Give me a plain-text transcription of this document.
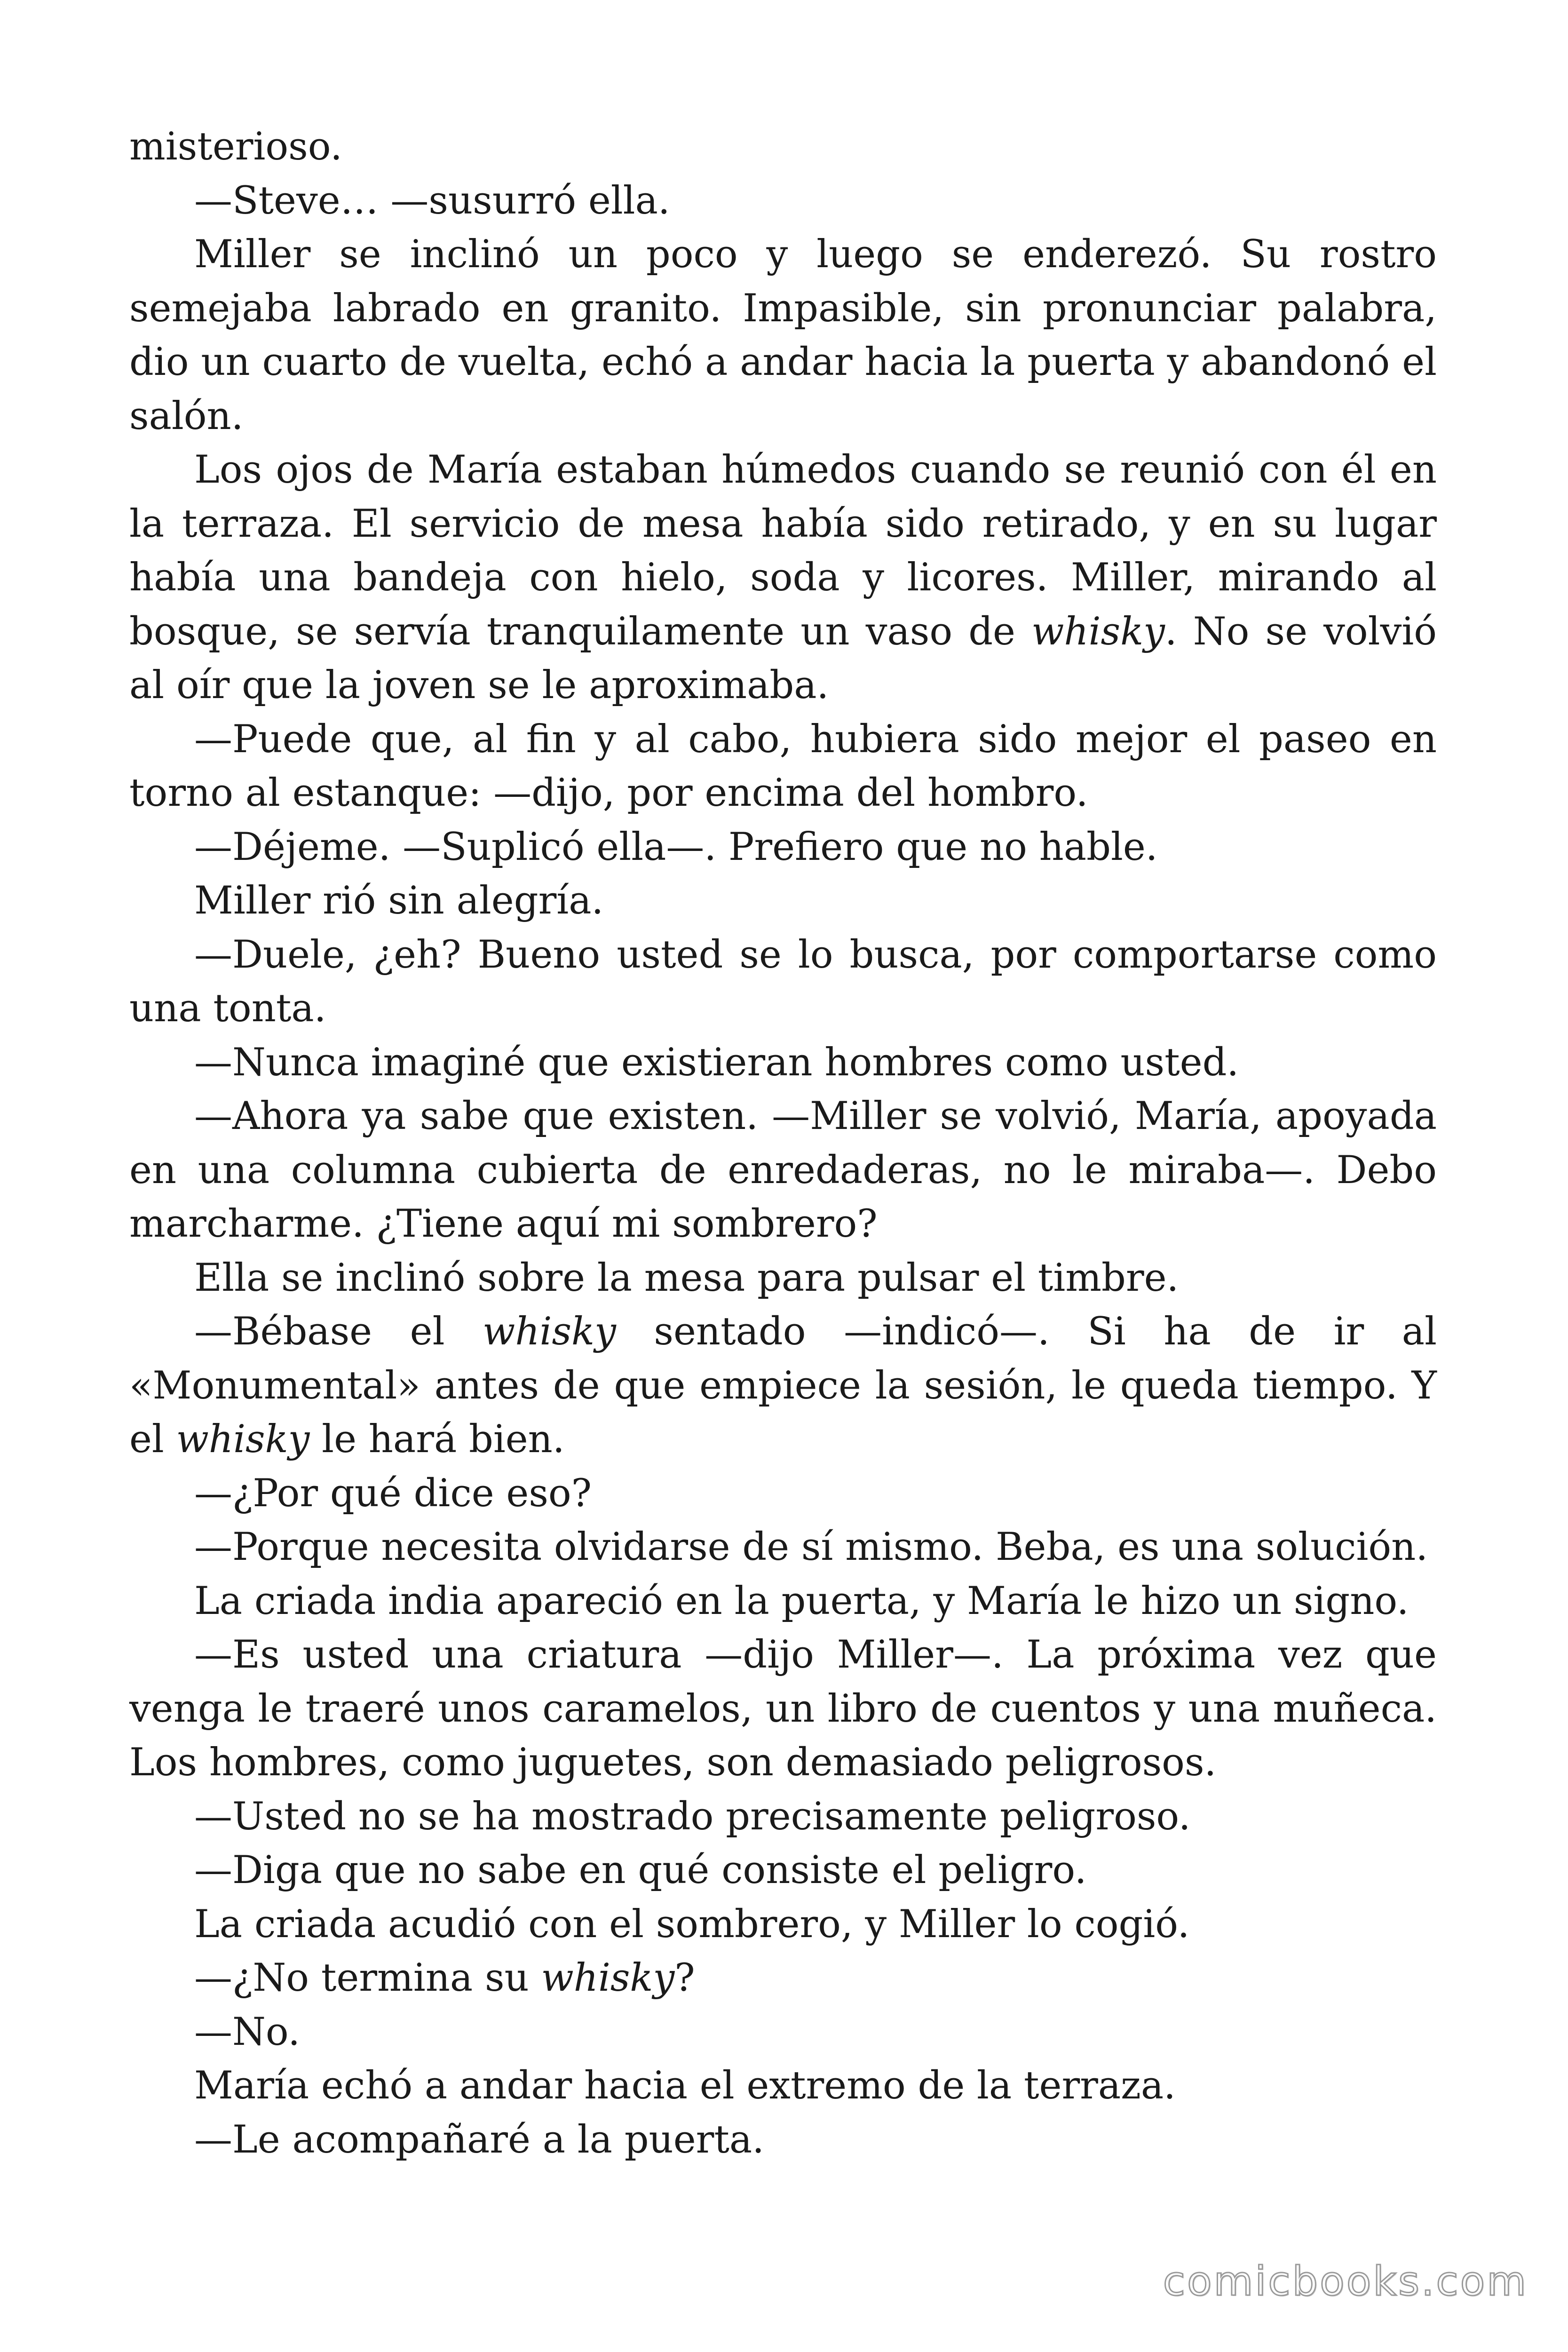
misterioso.

—Steve… —susurró ella.

Miller se inclinó un poco y luego se enderezó. Su rostro semejaba labrado en granito. Impasible, sin pronunciar palabra, dio un cuarto de vuelta, echó a andar hacia la puerta y abandonó el salón.

Los ojos de María estaban húmedos cuando se reunió con él en la terraza. El servicio de mesa había sido retirado, y en su lugar había una bandeja con hielo, soda y licores. Miller, mirando al bosque, se servía tranquilamente un vaso de whisky. No se volvió al oír que la joven se le aproximaba.

—Puede que, al fin y al cabo, hubiera sido mejor el paseo en torno al estanque: —dijo, por encima del hombro.

—Déjeme. —Suplicó ella—. Prefiero que no hable.

Miller rió sin alegría.

—Duele, ¿eh? Bueno usted se lo busca, por comportarse como una tonta.

—Nunca imaginé que existieran hombres como usted.

—Ahora ya sabe que existen. —Miller se volvió, María, apoyada en una columna cubierta de enredaderas, no le miraba—. Debo marcharme. ¿Tiene aquí mi sombrero?

Ella se inclinó sobre la mesa para pulsar el timbre.

—Bébase el whisky sentado —indicó—. Si ha de ir al «Monumental» antes de que empiece la sesión, le queda tiempo. Y el whisky le hará bien.

—¿Por qué dice eso?

—Porque necesita olvidarse de sí mismo. Beba, es una solución.

La criada india apareció en la puerta, y María le hizo un signo.

—Es usted una criatura —dijo Miller—. La próxima vez que venga le traeré unos caramelos, un libro de cuentos y una muñeca. Los hombres, como juguetes, son demasiado peligrosos.

—Usted no se ha mostrado precisamente peligroso.

—Diga que no sabe en qué consiste el peligro.

La criada acudió con el sombrero, y Miller lo cogió.

—¿No termina su whisky?

—No.

María echó a andar hacia el extremo de la terraza.

—Le acompañaré a la puerta.

comicbooks.com
